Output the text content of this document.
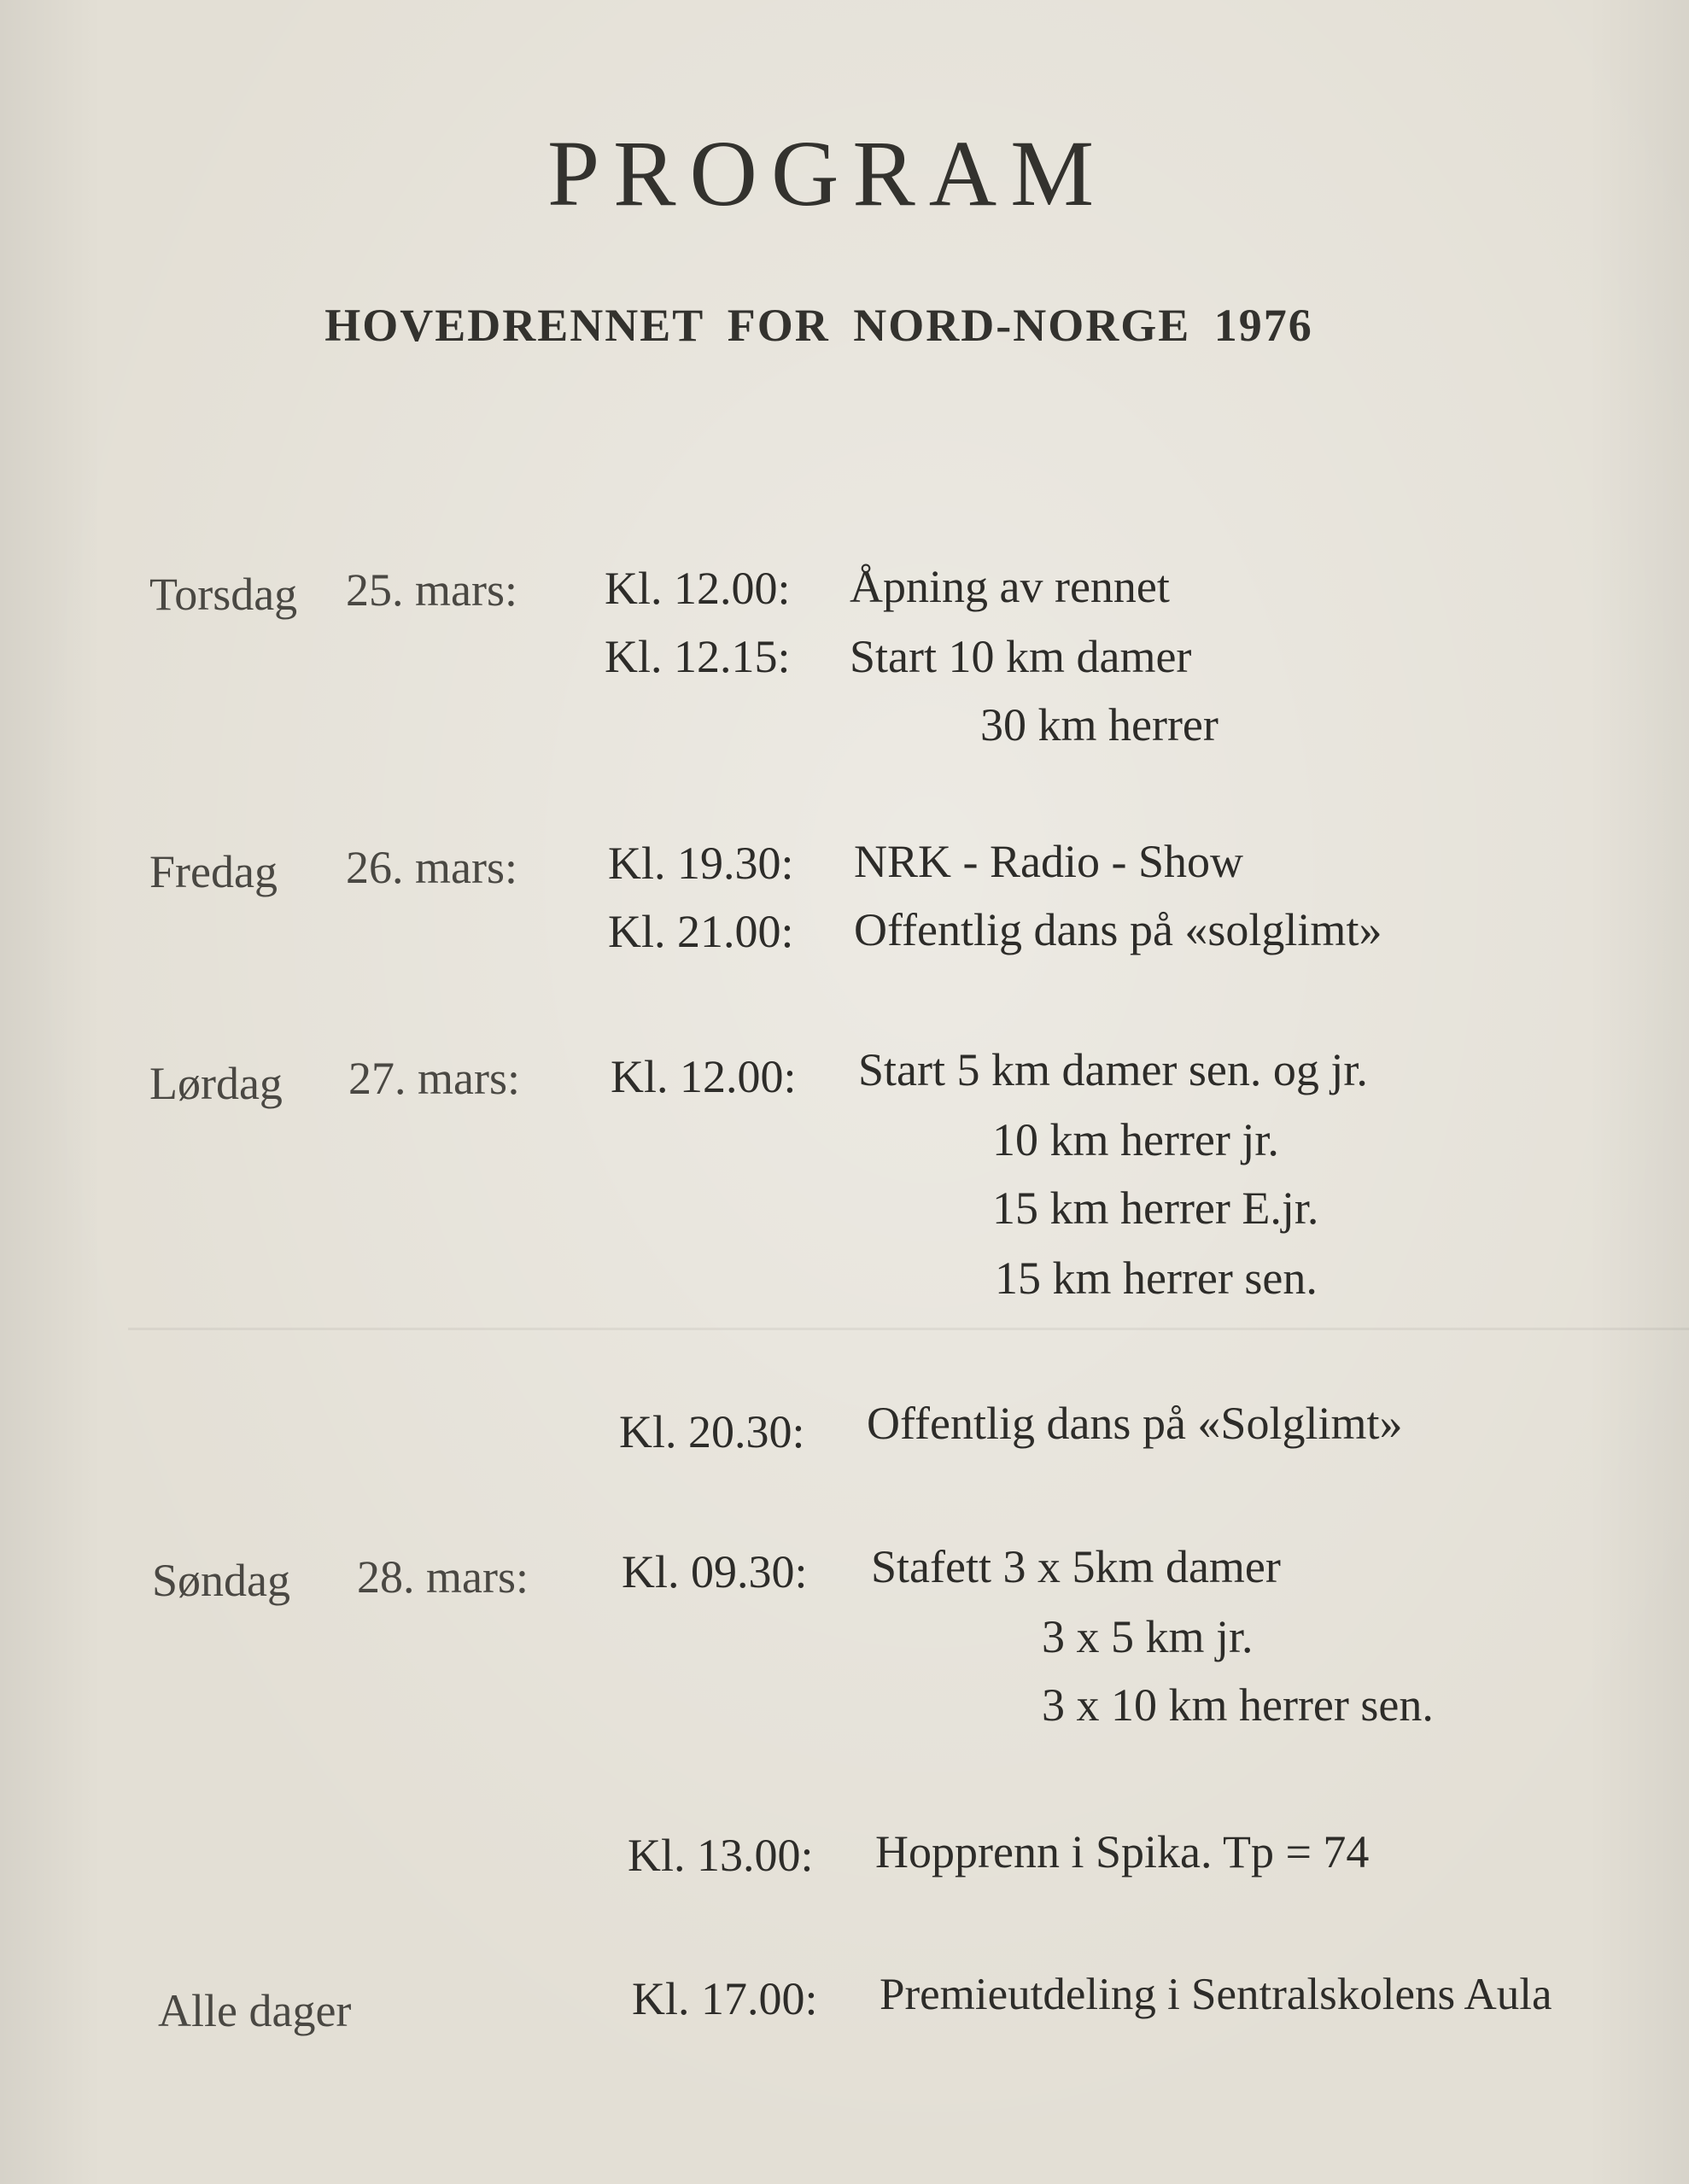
PROGRAM
HOVEDRENNET FOR NORD-NORGE 1976
Torsdag 25. mars: Kl. 12.00: Åpning av rennet
Kl. 12.15: Start 10 km damer
30 km herrer
Fredag 26. mars: Kl. 19.30: NRK - Radio - Show
Kl. 21.00: Offentlig dans på «solglimt»
Lørdag 27. mars: Kl. 12.00: Start 5 km damer sen. og jr.
10 km herrer jr.
15 km herrer E.jr.
15 km herrer sen.
Kl. 20.30: Offentlig dans på «Solglimt»
Søndag 28. mars: Kl. 09.30: Stafett 3 x 5km damer
3 x 5 km jr.
3 x 10 km herrer sen.
Kl. 13.00: Hopprenn i Spika. Tp = 74
Alle dager	Kl. 17.00: Premieutdeling i Sentralskolens Aula
